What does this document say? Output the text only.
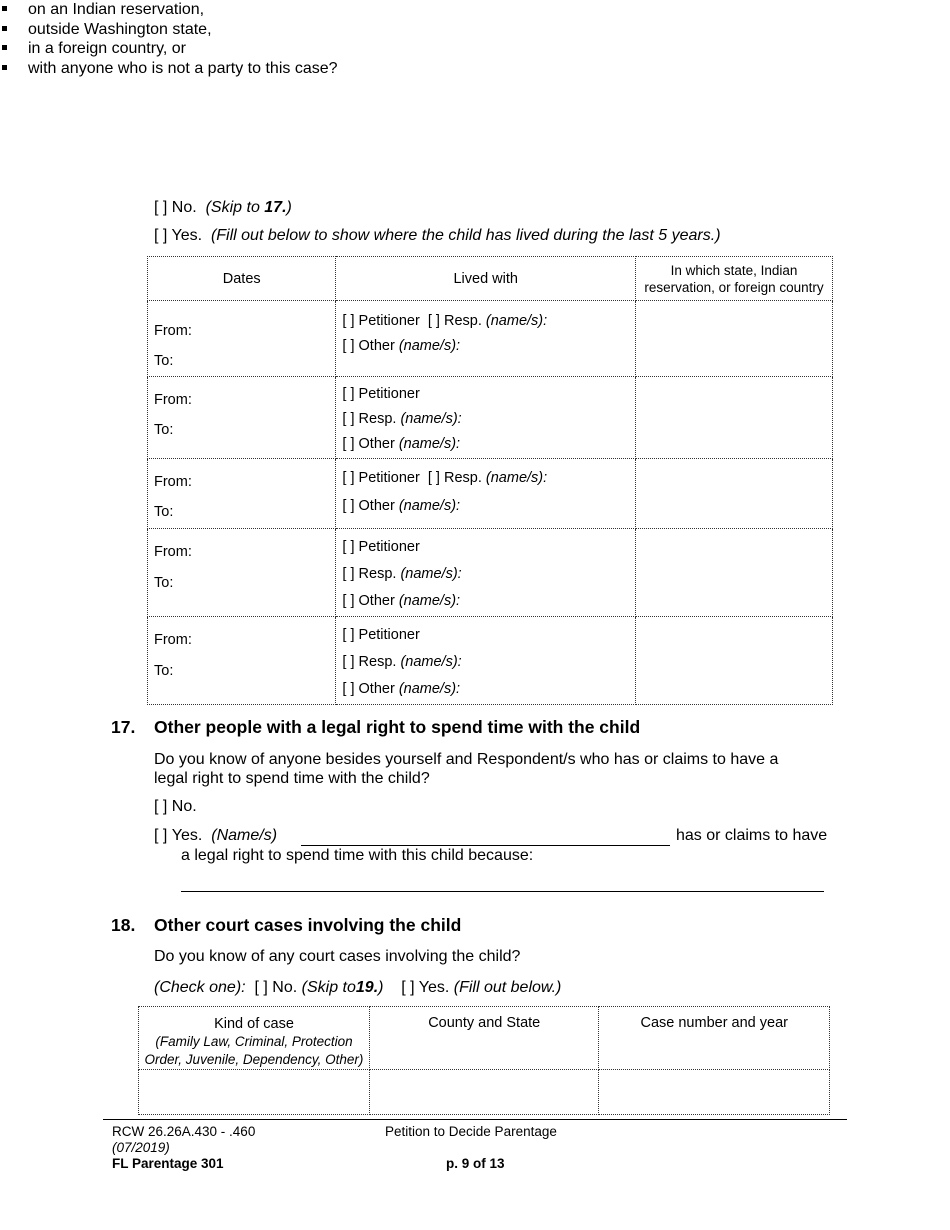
on an Indian reservation,
outside Washington state,
in a foreign country, or
with anyone who is not a party to this case?
[ ] No. (Skip to 17.)
[ ] Yes. (Fill out below to show where the child has lived during the last 5 years.)
Dates	Lived with	In which state, Indian
reservation, or foreign country

From:
To:	[ ] Petitioner [ ] Resp. (name/s):
[ ] Other (name/s):	

From:
To:	[ ] Petitioner
[ ] Resp. (name/s):
[ ] Other (name/s):	

From:
To:	[ ] Petitioner [ ] Resp. (name/s):
[ ] Other (name/s):	

From:
To:	[ ] Petitioner
[ ] Resp. (name/s):
[ ] Other (name/s):	

From:
To:	[ ] Petitioner
[ ] Resp. (name/s):
[ ] Other (name/s):	

17. Other people with a legal right to spend time with the child
Do you know of anyone besides yourself and Respondent/s who has or claims to have a
legal right to spend time with the child?
[ ] No.
[ ] Yes. (Name/s)	has or claims to have
a legal right to spend time with this child because:
18. Other court cases involving the child
Do you know of any court cases involving the child?
(Check one): [ ] No. (Skip to19.) [ ] Yes. (Fill out below.)
Kind of case
(Family Law, Criminal, Protection
Order, Juvenile, Dependency, Other)	County and State	Case number and year

RCW 26.26A.430 - .460
(07/2019)
FL Parentage 301
Petition to Decide Parentage
p. 9 of 13
